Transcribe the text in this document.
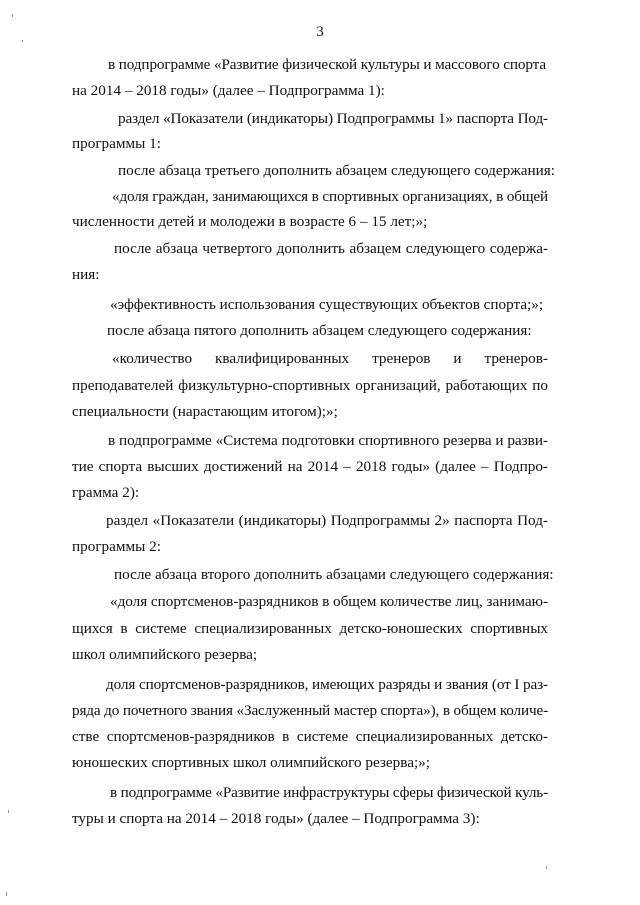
3
в подпрограмме «Развитие физической культуры и массового спорта
на 2014 – 2018 годы» (далее – Подпрограмма 1):
раздел «Показатели (индикаторы) Подпрограммы 1» паспорта Под-
программы 1:
после абзаца третьего дополнить абзацем следующего содержания:
«доля граждан, занимающихся в спортивных организациях, в общей
численности детей и молодежи в возрасте 6 – 15 лет;»;
после абзаца четвертого дополнить абзацем следующего содержа-
ния:
«эффективность использования существующих объектов спорта;»;
после абзаца пятого дополнить абзацем следующего содержания:
«количество квалифицированных тренеров и тренеров-
преподавателей физкультурно-спортивных организаций, работающих по
специальности (нарастающим итогом);»;
в подпрограмме «Система подготовки спортивного резерва и разви-
тие спорта высших достижений на 2014 – 2018 годы» (далее – Подпро-
грамма 2):
раздел «Показатели (индикаторы) Подпрограммы 2» паспорта Под-
программы 2:
после абзаца второго дополнить абзацами следующего содержания:
«доля спортсменов-разрядников в общем количестве лиц, занимаю-
щихся в системе специализированных детско-юношеских спортивных
школ олимпийского резерва;
доля спортсменов-разрядников, имеющих разряды и звания (от I раз-
ряда до почетного звания «Заслуженный мастер спорта»), в общем количе-
стве спортсменов-разрядников в системе специализированных детско-
юношеских спортивных школ олимпийского резерва;»;
в подпрограмме «Развитие инфраструктуры сферы физической куль-
туры и спорта на 2014 – 2018 годы» (далее – Подпрограмма 3):
